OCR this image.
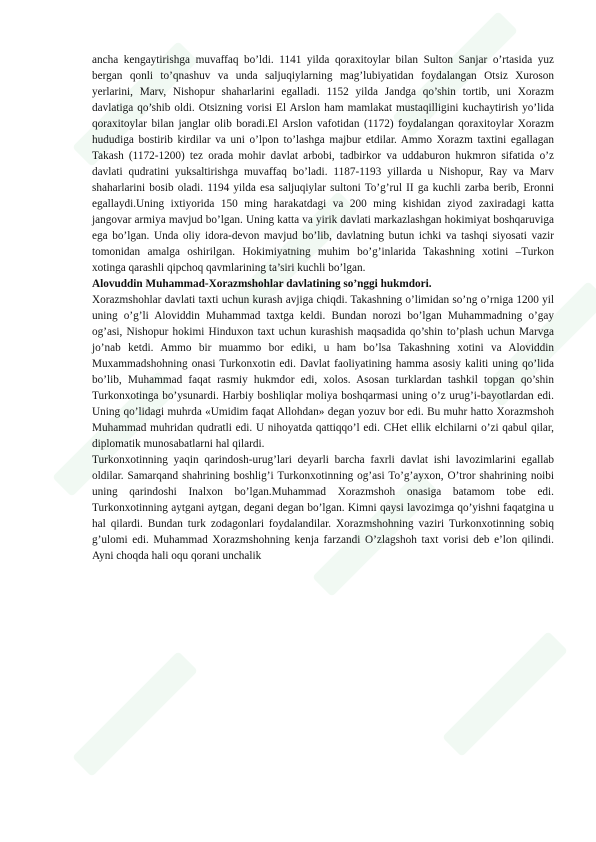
ancha kengaytirishga muvaffaq bo’ldi. 1141 yilda qoraxitoylar bilan Sulton Sanjar o’rtasida yuz bergan qonli to’qnashuv va unda saljuqiylarning mag’lubiyatidan foydalangan Otsiz Xuroson yerlarini, Marv, Nishopur shaharlarini egalladi. 1152 yilda Jandga qo’shin tortib, uni Xorazm davlatiga qo’shib oldi. Otsizning vorisi El Arslon ham mamlakat mustaqilligini kuchaytirish yo’lida qoraxitoylar bilan janglar olib boradi.El Arslon vafotidan (1172) foydalangan qoraxitoylar Xorazm hududiga bostirib kirdilar va uni o’lpon to’lashga majbur etdilar. Ammo Xorazm taxtini egallagan Takash (1172-1200) tez orada mohir davlat arbobi, tadbirkor va uddaburon hukmron sifatida o’z davlati qudratini yuksaltirishga muvaffaq bo’ladi. 1187-1193 yillarda u Nishopur, Ray va Marv shaharlarini bosib oladi. 1194 yilda esa saljuqiylar sultoni To’g’rul II ga kuchli zarba berib, Eronni egallaydi.Uning ixtiyorida 150 ming harakatdagi va 200 ming kishidan ziyod zaxiradagi katta jangovar armiya mavjud bo’lgan. Uning katta va yirik davlati markazlashgan hokimiyat boshqaruviga ega bo’lgan. Unda oliy idora-devon mavjud bo’lib, davlatning butun ichki va tashqi siyosati vazir tomonidan amalga oshirilgan. Hokimiyatning muhim bo’g’inlarida Takashning xotini –Turkon xotinga qarashli qipchoq qavmlarining ta’siri kuchli bo’lgan.

Alovuddin Muhammad-Xorazmshohlar davlatining so’nggi hukmdori.

Xorazmshohlar davlati taxti uchun kurash avjiga chiqdi. Takashning o’limidan so’ng o’rniga 1200 yil uning o’g’li Aloviddin Muhammad taxtga keldi. Bundan norozi bo’lgan Muhammadning o’gay og’asi, Nishopur hokimi Hinduxon taxt uchun kurashish maqsadida qo’shin to’plash uchun Marvga jo’nab ketdi. Ammo bir muammo bor ediki, u ham bo’lsa Takashning xotini va Aloviddin Muxammadshohning onasi Turkonxotin edi. Davlat faoliyatining hamma asosiy kaliti uning qo’lida bo’lib, Muhammad faqat rasmiy hukmdor edi, xolos. Asosan turklardan tashkil topgan qo’shin Turkonxotinga bo’ysunardi. Harbiy boshliqlar moliya boshqarmasi uning o’z urug’i-bayotlardan edi. Uning qo’lidagi muhrda «Umidim faqat Allohdan» degan yozuv bor edi. Bu muhr hatto Xorazmshoh Muhammad muhridan qudratli edi. U nihoyatda qattiqqo’l edi. CHet ellik elchilarni o’zi qabul qilar, diplomatik munosabatlarni hal qilardi.

Turkonxotinning yaqin qarindosh-urug’lari deyarli barcha faxrli davlat ishi lavozimlarini egallab oldilar. Samarqand shahrining boshlig’i Turkonxotinning og’asi To’g’ayxon, O’tror shahrining noibi uning qarindoshi Inalxon bo’lgan.Muhammad Xorazmshoh onasiga batamom tobe edi. Turkonxotinning aytgani aytgan, degani degan bo’lgan. Kimni qaysi lavozimga qo’yishni faqatgina u hal qilardi. Bundan turk zodagonlari foydalandilar. Xorazmshohning vaziri Turkonxotinning sobiq g’ulomi edi. Muhammad Xorazmshohning kenja farzandi O’zlagshoh taxt vorisi deb e’lon qilindi. Ayni choqda hali oqu qorani unchalik
